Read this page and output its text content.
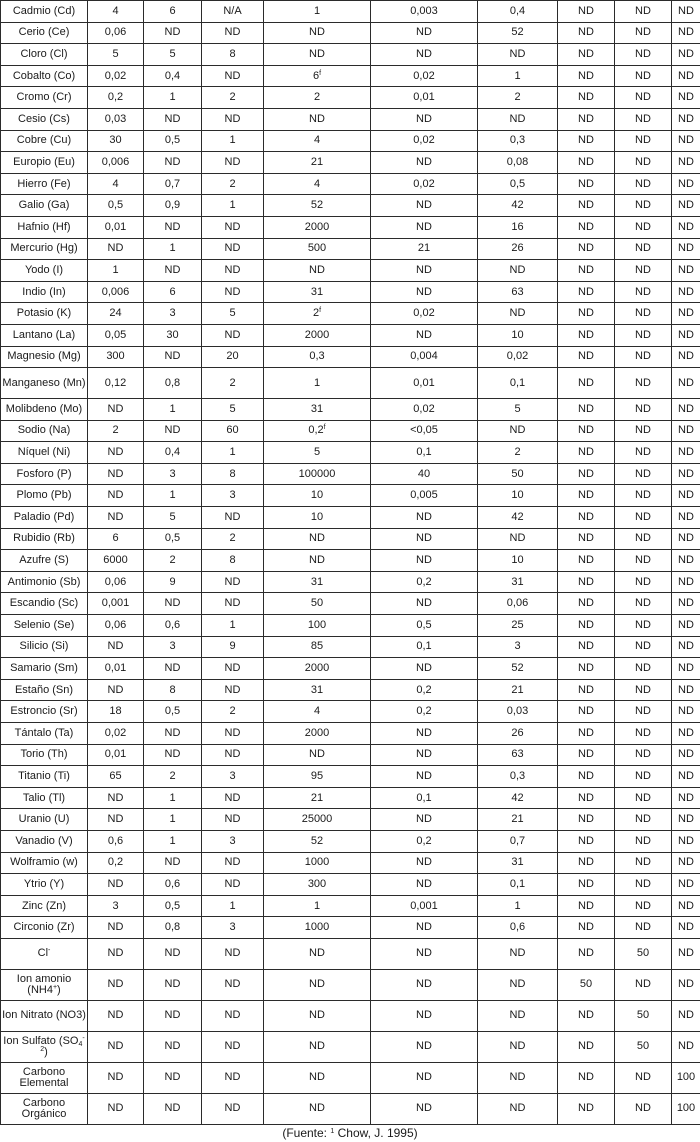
Cadmio (Cd)	4	6	N/A	1	0,003	0,4	ND	ND	ND
Cerio (Ce)	0,06	ND	ND	ND	ND	52	ND	ND	ND
Cloro (Cl)	5	5	8	ND	ND	ND	ND	ND	ND
Cobalto (Co)	0,02	0,4	ND	6$^f$	0,02	1	ND	ND	ND
Cromo (Cr)	0,2	1	2	2	0,01	2	ND	ND	ND
Cesio (Cs)	0,03	ND	ND	ND	ND	ND	ND	ND	ND
Cobre (Cu)	30	0,5	1	4	0,02	0,3	ND	ND	ND
Europio (Eu)	0,006	ND	ND	21	ND	0,08	ND	ND	ND
Hierro (Fe)	4	0,7	2	4	0,02	0,5	ND	ND	ND
Galio (Ga)	0,5	0,9	1	52	ND	42	ND	ND	ND
Hafnio (Hf)	0,01	ND	ND	2000	ND	16	ND	ND	ND
Mercurio (Hg)	ND	1	ND	500	21	26	ND	ND	ND
Yodo (I)	1	ND	ND	ND	ND	ND	ND	ND	ND
Indio (In)	0,006	6	ND	31	ND	63	ND	ND	ND
Potasio (K)	24	3	5	2$^f$	0,02	ND	ND	ND	ND
Lantano (La)	0,05	30	ND	2000	ND	10	ND	ND	ND
Magnesio (Mg)	300	ND	20	0,3	0,004	0,02	ND	ND	ND
Manganeso (Mn)	0,12	0,8	2	1	0,01	0,1	ND	ND	ND
Molibdeno (Mo)	ND	1	5	31	0,02	5	ND	ND	ND
Sodio (Na)	2	ND	60	0,2$^f$	<0,05	ND	ND	ND	ND
Níquel (Ni)	ND	0,4	1	5	0,1	2	ND	ND	ND
Fosforo (P)	ND	3	8	100000	40	50	ND	ND	ND
Plomo (Pb)	ND	1	3	10	0,005	10	ND	ND	ND
Paladio (Pd)	ND	5	ND	10	ND	42	ND	ND	ND
Rubidio (Rb)	6	0,5	2	ND	ND	ND	ND	ND	ND
Azufre (S)	6000	2	8	ND	ND	10	ND	ND	ND
Antimonio (Sb)	0,06	9	ND	31	0,2	31	ND	ND	ND
Escandio (Sc)	0,001	ND	ND	50	ND	0,06	ND	ND	ND
Selenio (Se)	0,06	0,6	1	100	0,5	25	ND	ND	ND
Silicio (Si)	ND	3	9	85	0,1	3	ND	ND	ND
Samario (Sm)	0,01	ND	ND	2000	ND	52	ND	ND	ND
Estaño (Sn)	ND	8	ND	31	0,2	21	ND	ND	ND
Estroncio (Sr)	18	0,5	2	4	0,2	0,03	ND	ND	ND
Tántalo (Ta)	0,02	ND	ND	2000	ND	26	ND	ND	ND
Torio (Th)	0,01	ND	ND	ND	ND	63	ND	ND	ND
Titanio (Ti)	65	2	3	95	ND	0,3	ND	ND	ND
Talio (Tl)	ND	1	ND	21	0,1	42	ND	ND	ND
Uranio (U)	ND	1	ND	25000	ND	21	ND	ND	ND
Vanadio (V)	0,6	1	3	52	0,2	0,7	ND	ND	ND
Wolframio (w)	0,2	ND	ND	1000	ND	31	ND	ND	ND
Ytrio (Y)	ND	0,6	ND	300	ND	0,1	ND	ND	ND
Zinc (Zn)	3	0,5	1	1	0,001	1	ND	ND	ND
Circonio (Zr)	ND	0,8	3	1000	ND	0,6	ND	ND	ND
Cl-	ND	ND	ND	ND	ND	ND	ND	50	ND
Ion amonio (NH4+)	ND	ND	ND	ND	ND	ND	50	ND	ND
Ion Nitrato (NO3)	ND	ND	ND	ND	ND	ND	ND	50	ND
Ion Sulfato $(SO_4^{-2})$	ND	ND	ND	ND	ND	ND	ND	50	ND
Carbono Elemental	ND	ND	ND	ND	ND	ND	ND	ND	100
Carbono Orgánico	ND	ND	ND	ND	ND	ND	ND	ND	100
(Fuente: $^1$ Chow, J. 1995)
